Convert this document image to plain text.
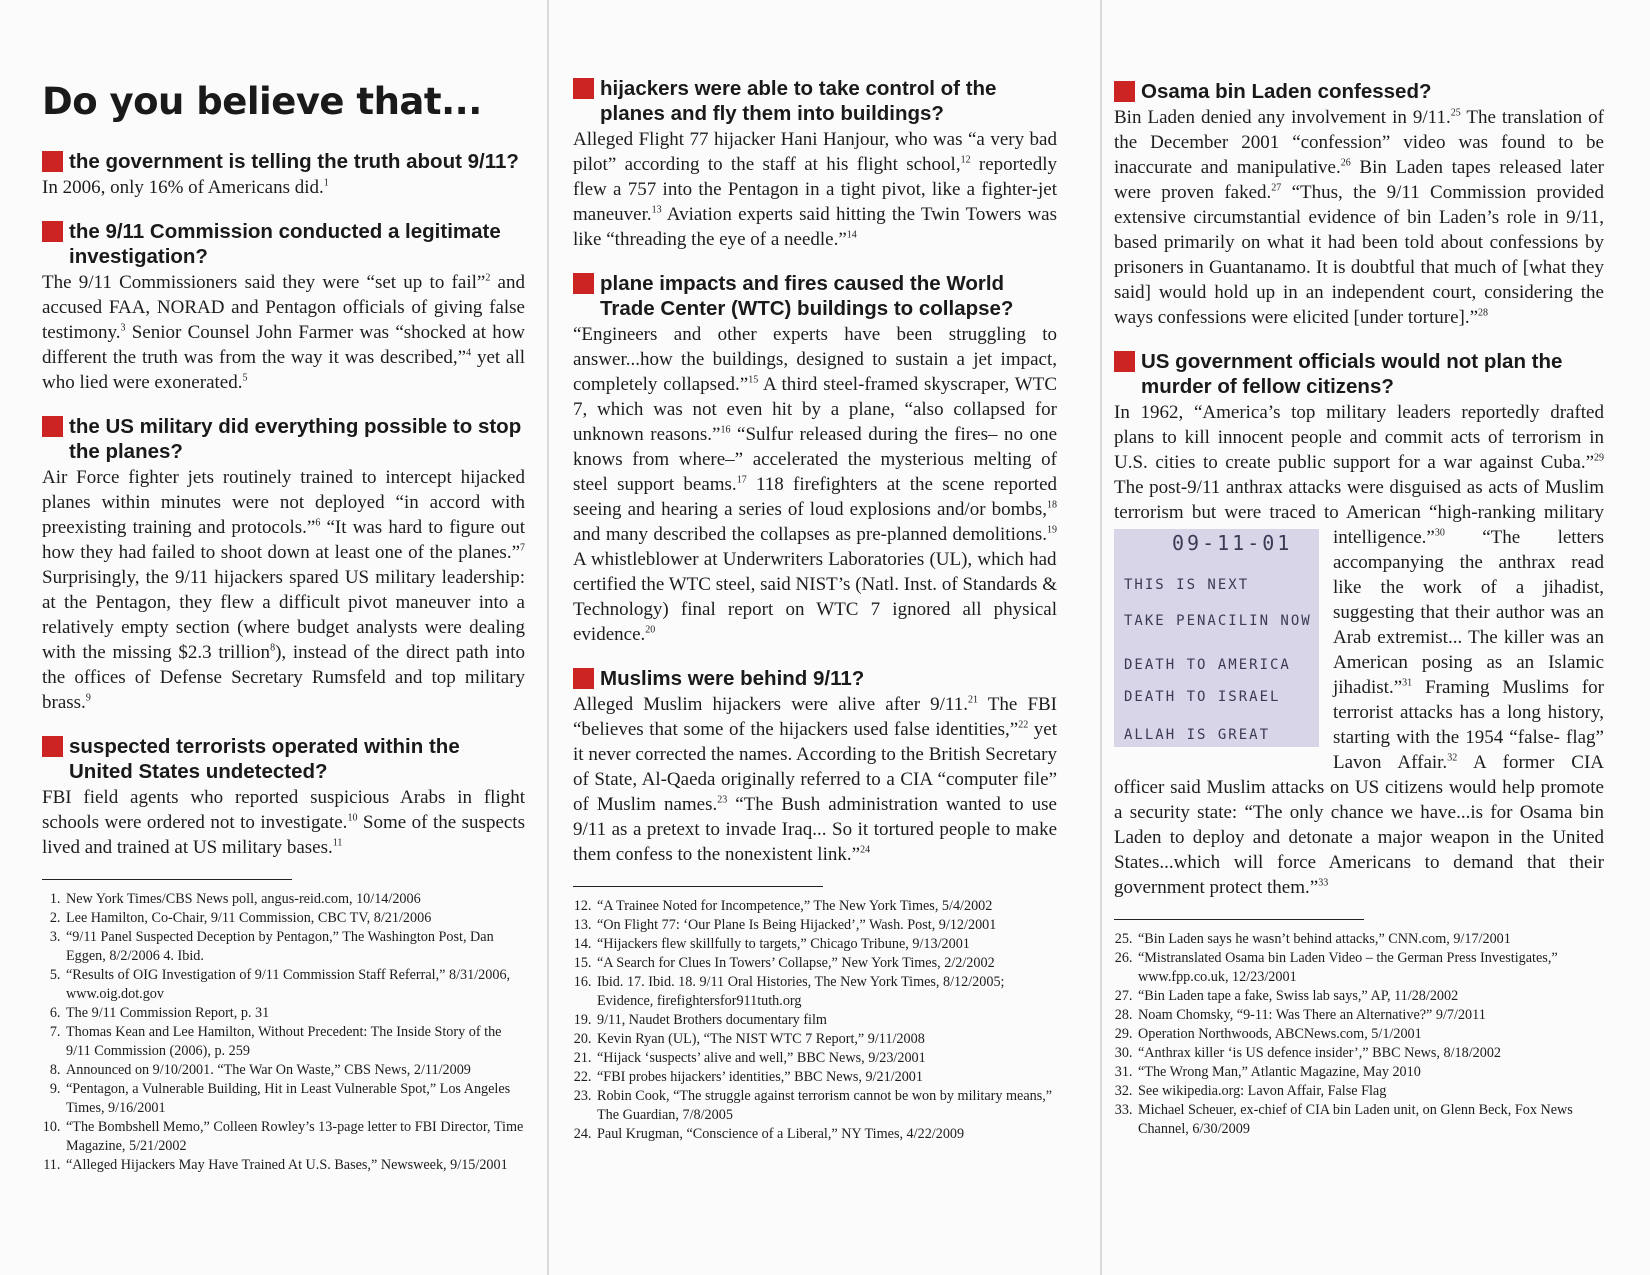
Do you believe that...
the government is telling the truth about 9/11?

In 2006, only 16% of Americans did.$^1$

the 9/11 Commission conducted a legitimate investigation?

The 9/11 Commissioners said they were “set up to fail”$^2$ and accused FAA, NORAD and Pentagon officials of giving false testimony.$^3$ Senior Counsel John Farmer was “shocked at how different the truth was from the way it was described,”$^4$ yet all who lied were exonerated.$^5$

the US military did everything possible to stop the planes?

Air Force fighter jets routinely trained to intercept hijacked planes within minutes were not deployed “in accord with preexisting training and protocols.”$^6$ “It was hard to figure out how they had failed to shoot down at least one of the planes.”$^7$ Surprisingly, the 9/11 hijackers spared US military leadership: at the Pentagon, they flew a difficult pivot maneuver into a relatively empty section (where budget analysts were dealing with the missing $2.3 trillion$^8$), instead of the direct path into the offices of Defense Secretary Rumsfeld and top military brass.$^9$

suspected terrorists operated within the United States undetected?

FBI field agents who reported suspicious Arabs in flight schools were ordered not to investigate.$^{10}$ Some of the suspects lived and trained at US military bases.$^{11}$

1. New York Times/CBS News poll, angus-reid.com, 10/14/2006
2. Lee Hamilton, Co-Chair, 9/11 Commission, CBC TV, 8/21/2006
3. “9/11 Panel Suspected Deception by Pentagon,” The Washington Post, Dan Eggen, 8/2/2006 4. Ibid.
5. “Results of OIG Investigation of 9/11 Commission Staff Referral,” 8/31/2006, www.oig.dot.gov
6. The 9/11 Commission Report, p. 31
7. Thomas Kean and Lee Hamilton, Without Precedent: The Inside Story of the 9/11 Commission (2006), p. 259
8. Announced on 9/10/2001. “The War On Waste,” CBS News, 2/11/2009
9. “Pentagon, a Vulnerable Building, Hit in Least Vulnerable Spot,” Los Angeles Times, 9/16/2001
10. “The Bombshell Memo,” Colleen Rowley’s 13-page letter to FBI Director, Time Magazine, 5/21/2002
11. “Alleged Hijackers May Have Trained At U.S. Bases,” Newsweek, 9/15/2001
hijackers were able to take control of the planes and fly them into buildings?

Alleged Flight 77 hijacker Hani Hanjour, who was “a very bad pilot” according to the staff at his flight school,$^{12}$ reportedly flew a 757 into the Pentagon in a tight pivot, like a fighter-jet maneuver.$^{13}$ Aviation experts said hitting the Twin Towers was like “threading the eye of a needle.”$^{14}$

plane impacts and fires caused the World Trade Center (WTC) buildings to collapse?

“Engineers and other experts have been struggling to answer...how the buildings, designed to sustain a jet impact, completely collapsed.”$^{15}$ A third steel-framed skyscraper, WTC 7, which was not even hit by a plane, “also collapsed for unknown reasons.”$^{16}$ “Sulfur released during the fires– no one knows from where–” accelerated the mysterious melting of steel support beams.$^{17}$ 118 firefighters at the scene reported seeing and hearing a series of loud explosions and/or bombs,$^{18}$ and many described the collapses as pre-planned demolitions.$^{19}$ A whistleblower at Underwriters Laboratories (UL), which had certified the WTC steel, said NIST’s (Natl. Inst. of Standards & Technology) final report on WTC 7 ignored all physical evidence.$^{20}$

Muslims were behind 9/11?

Alleged Muslim hijackers were alive after 9/11.21 The FBI “believes that some of the hijackers used false identities,”$^{22}$ yet it never corrected the names. According to the British Secretary of State, Al-Qaeda originally referred to a CIA “computer file” of Muslim names.$^{23}$ “The Bush administration wanted to use 9/11 as a pretext to invade Iraq... So it tortured people to make them confess to the nonexistent link.”$^{24}$

12. “A Trainee Noted for Incompetence,” The New York Times, 5/4/2002
13. “On Flight 77: ‘Our Plane Is Being Hijacked’,” Wash. Post, 9/12/2001
14. “Hijackers flew skillfully to targets,” Chicago Tribune, 9/13/2001
15. “A Search for Clues In Towers’ Collapse,” New York Times, 2/2/2002
16. Ibid. 17. Ibid. 18. 9/11 Oral Histories, The New York Times, 8/12/2005; Evidence, firefightersfor911tuth.org
19. 9/11, Naudet Brothers documentary film
20. Kevin Ryan (UL), “The NIST WTC 7 Report,” 9/11/2008
21. “Hijack ‘suspects’ alive and well,” BBC News, 9/23/2001
22. “FBI probes hijackers’ identities,” BBC News, 9/21/2001
23. Robin Cook, “The struggle against terrorism cannot be won by military means,” The Guardian, 7/8/2005
24. Paul Krugman, “Conscience of a Liberal,” NY Times, 4/22/2009
Osama bin Laden confessed?

Bin Laden denied any involvement in 9/11.25 The translation of the December 2001 “confession” video was found to be inaccurate and manipulative.$^{26}$ Bin Laden tapes released later were proven faked.$^{27}$ “Thus, the 9/11 Commission provided extensive circumstantial evidence of bin Laden’s role in 9/11, based primarily on what it had been told about confessions by prisoners in Guantanamo. It is doubtful that much of [what they said] would hold up in an independent court, considering the ways confessions were elicited [under torture].”$^{28}$

US government officials would not plan the murder of fellow citizens?

In 1962, “America’s top military leaders reportedly drafted plans to kill innocent people and commit acts of terrorism in U.S. cities to create public support for a war against Cuba.”$^{29}$ The post-9/11 anthrax attacks were disguised as acts of Muslim terrorism but were traced to American “high-ranking military intelligence.”$^{30}$
09-11-01
THIS IS NEXT
TAKE PENACILIN NOW
DEATH TO AMERICA
DEATH TO ISRAEL
ALLAH IS GREAT
“The letters accompanying the anthrax read like the work of a jihadist, suggesting that their author was an Arab extremist... The killer was an American posing as an Islamic jihadist.”$^{31}$ Framing Muslims for terrorist attacks has a long history, starting with the 1954 “false- flag” Lavon Affair.$^{32}$ A former CIA officer said Muslim attacks on US citizens would help promote a security state: “The only chance we have...is for Osama bin Laden to deploy and detonate a major weapon in the United States...which will force Americans to demand that their government protect them.”$^{33}$

25. “Bin Laden says he wasn’t behind attacks,” CNN.com, 9/17/2001
26. “Mistranslated Osama bin Laden Video – the German Press Investigates,” www.fpp.co.uk, 12/23/2001
27. “Bin Laden tape a fake, Swiss lab says,” AP, 11/28/2002
28. Noam Chomsky, “9-11: Was There an Alternative?” 9/7/2011
29. Operation Northwoods, ABCNews.com, 5/1/2001
30. “Anthrax killer ‘is US defence insider’,” BBC News, 8/18/2002
31. “The Wrong Man,” Atlantic Magazine, May 2010
32. See wikipedia.org: Lavon Affair, False Flag
33. Michael Scheuer, ex-chief of CIA bin Laden unit, on Glenn Beck, Fox News Channel, 6/30/2009
